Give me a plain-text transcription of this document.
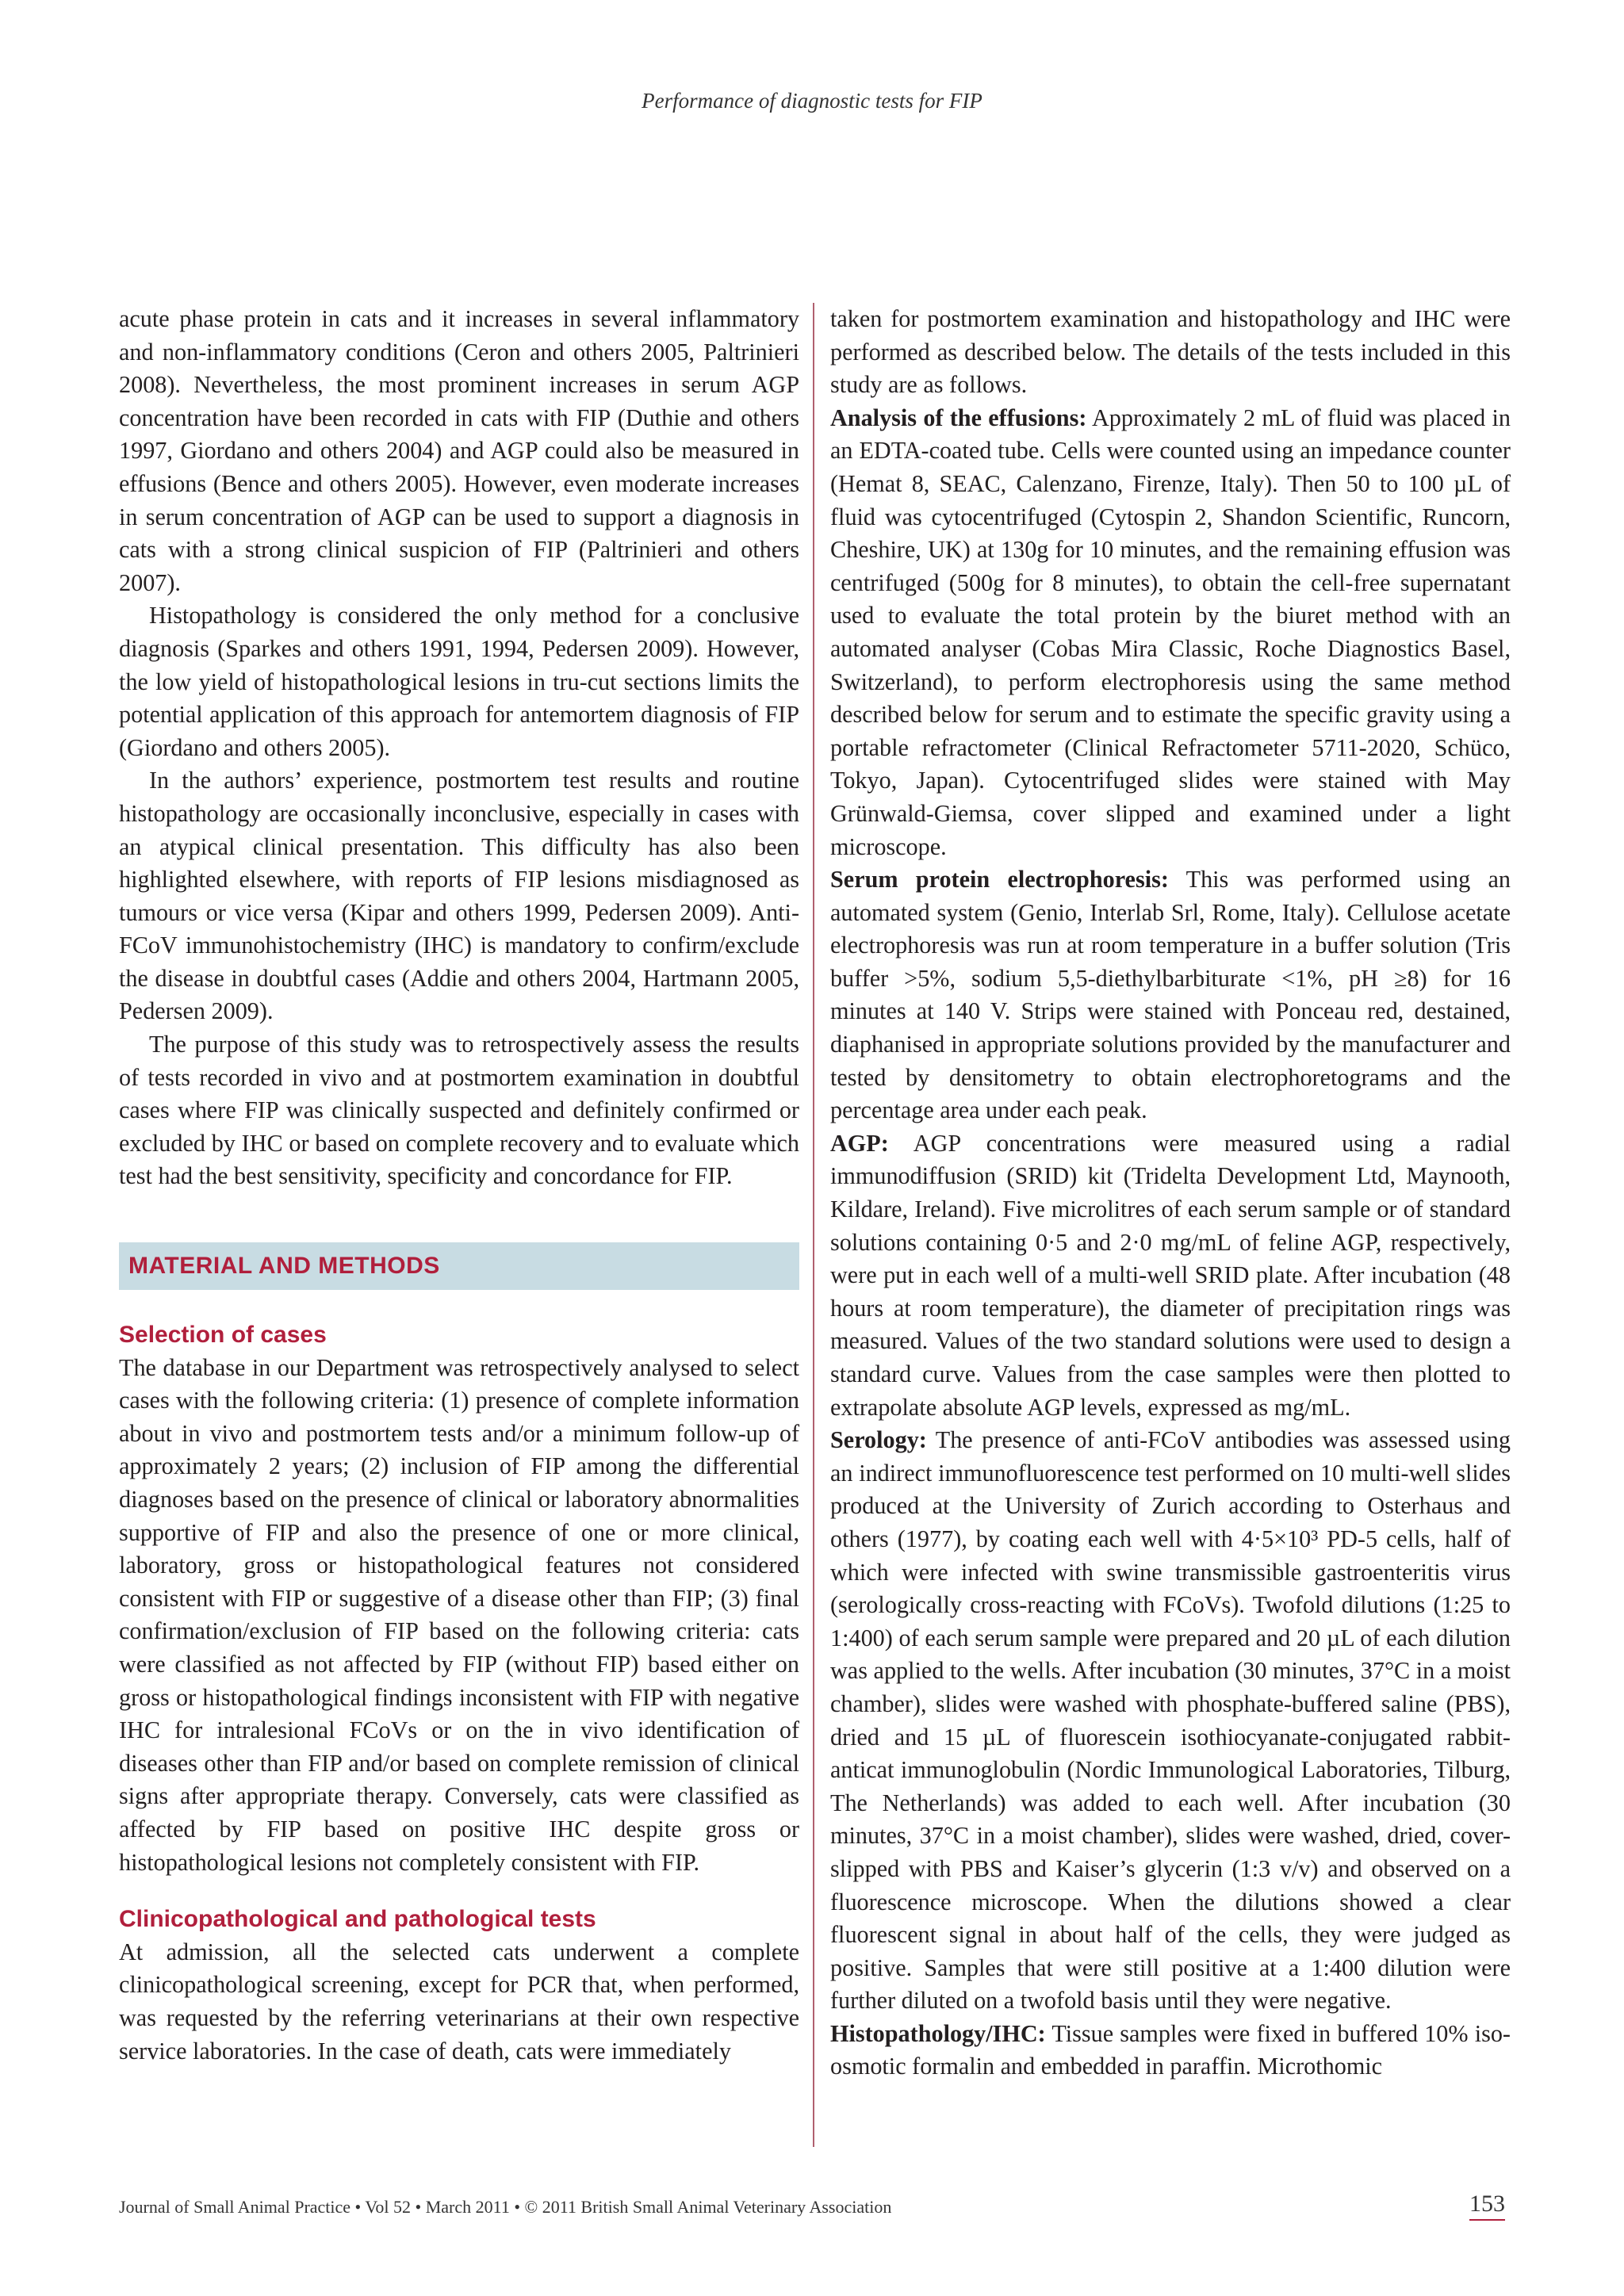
Performance of diagnostic tests for FIP

acute phase protein in cats and it increases in several inflammatory and non-inflammatory conditions (Ceron and others 2005, Paltrinieri 2008). Nevertheless, the most prominent increases in serum AGP concentration have been recorded in cats with FIP (Duthie and others 1997, Giordano and others 2004) and AGP could also be measured in effusions (Bence and others 2005). However, even moderate increases in serum concentration of AGP can be used to support a diagnosis in cats with a strong clinical suspicion of FIP (Paltrinieri and others 2007).

Histopathology is considered the only method for a conclusive diagnosis (Sparkes and others 1991, 1994, Pedersen 2009). However, the low yield of histopathological lesions in tru-cut sections limits the potential application of this approach for antemortem diagnosis of FIP (Giordano and others 2005).

In the authors’ experience, postmortem test results and routine histopathology are occasionally inconclusive, especially in cases with an atypical clinical presentation. This difficulty has also been highlighted elsewhere, with reports of FIP lesions misdiagnosed as tumours or vice versa (Kipar and others 1999, Pedersen 2009). Anti-FCoV immunohistochemistry (IHC) is mandatory to confirm/exclude the disease in doubtful cases (Addie and others 2004, Hartmann 2005, Pedersen 2009).

The purpose of this study was to retrospectively assess the results of tests recorded in vivo and at postmortem examination in doubtful cases where FIP was clinically suspected and definitely confirmed or excluded by IHC or based on complete recovery and to evaluate which test had the best sensitivity, specificity and concordance for FIP.

MATERIAL AND METHODS
Selection of cases

The database in our Department was retrospectively analysed to select cases with the following criteria: (1) presence of complete information about in vivo and postmortem tests and/or a minimum follow-up of approximately 2 years; (2) inclusion of FIP among the differential diagnoses based on the presence of clinical or laboratory abnormalities supportive of FIP and also the presence of one or more clinical, laboratory, gross or histopathological features not considered consistent with FIP or suggestive of a disease other than FIP; (3) final confirmation/exclusion of FIP based on the following criteria: cats were classified as not affected by FIP (without FIP) based either on gross or histopathological findings inconsistent with FIP with negative IHC for intralesional FCoVs or on the in vivo identification of diseases other than FIP and/or based on complete remission of clinical signs after appropriate therapy. Conversely, cats were classified as affected by FIP based on positive IHC despite gross or histopathological lesions not completely consistent with FIP.

Clinicopathological and pathological tests

At admission, all the selected cats underwent a complete clinicopathological screening, except for PCR that, when performed, was requested by the referring veterinarians at their own respective service laboratories. In the case of death, cats were immediately

taken for postmortem examination and histopathology and IHC were performed as described below. The details of the tests included in this study are as follows.

Analysis of the effusions: Approximately 2 mL of fluid was placed in an EDTA-coated tube. Cells were counted using an impedance counter (Hemat 8, SEAC, Calenzano, Firenze, Italy). Then 50 to 100 µL of fluid was cytocentrifuged (Cytospin 2, Shandon Scientific, Runcorn, Cheshire, UK) at 130g for 10 minutes, and the remaining effusion was centrifuged (500g for 8 minutes), to obtain the cell-free supernatant used to evaluate the total protein by the biuret method with an automated analyser (Cobas Mira Classic, Roche Diagnostics Basel, Switzerland), to perform electrophoresis using the same method described below for serum and to estimate the specific gravity using a portable refractometer (Clinical Refractometer 5711-2020, Schüco, Tokyo, Japan). Cytocentrifuged slides were stained with May Grünwald-Giemsa, cover slipped and examined under a light microscope.

Serum protein electrophoresis: This was performed using an automated system (Genio, Interlab Srl, Rome, Italy). Cellulose acetate electrophoresis was run at room temperature in a buffer solution (Tris buffer >5%, sodium 5,5-diethylbarbiturate <1%, pH ≥8) for 16 minutes at 140 V. Strips were stained with Ponceau red, destained, diaphanised in appropriate solutions provided by the manufacturer and tested by densitometry to obtain electrophoretograms and the percentage area under each peak.

AGP: AGP concentrations were measured using a radial immunodiffusion (SRID) kit (Tridelta Development Ltd, Maynooth, Kildare, Ireland). Five microlitres of each serum sample or of standard solutions containing 0·5 and 2·0 mg/mL of feline AGP, respectively, were put in each well of a multi-well SRID plate. After incubation (48 hours at room temperature), the diameter of precipitation rings was measured. Values of the two standard solutions were used to design a standard curve. Values from the case samples were then plotted to extrapolate absolute AGP levels, expressed as mg/mL.

Serology: The presence of anti-FCoV antibodies was assessed using an indirect immunofluorescence test performed on 10 multi-well slides produced at the University of Zurich according to Osterhaus and others (1977), by coating each well with 4·5×10³ PD-5 cells, half of which were infected with swine transmissible gastroenteritis virus (serologically cross-reacting with FCoVs). Twofold dilutions (1:25 to 1:400) of each serum sample were prepared and 20 µL of each dilution was applied to the wells. After incubation (30 minutes, 37°C in a moist chamber), slides were washed with phosphate-buffered saline (PBS), dried and 15 µL of fluorescein isothiocyanate-conjugated rabbit-anticat immunoglobulin (Nordic Immunological Laboratories, Tilburg, The Netherlands) was added to each well. After incubation (30 minutes, 37°C in a moist chamber), slides were washed, dried, cover-slipped with PBS and Kaiser’s glycerin (1:3 v/v) and observed on a fluorescence microscope. When the dilutions showed a clear fluorescent signal in about half of the cells, they were judged as positive. Samples that were still positive at a 1:400 dilution were further diluted on a twofold basis until they were negative.

Histopathology/IHC: Tissue samples were fixed in buffered 10% iso-osmotic formalin and embedded in paraffin. Microthomic

Journal of Small Animal Practice • Vol 52 • March 2011 • © 2011 British Small Animal Veterinary Association	153
